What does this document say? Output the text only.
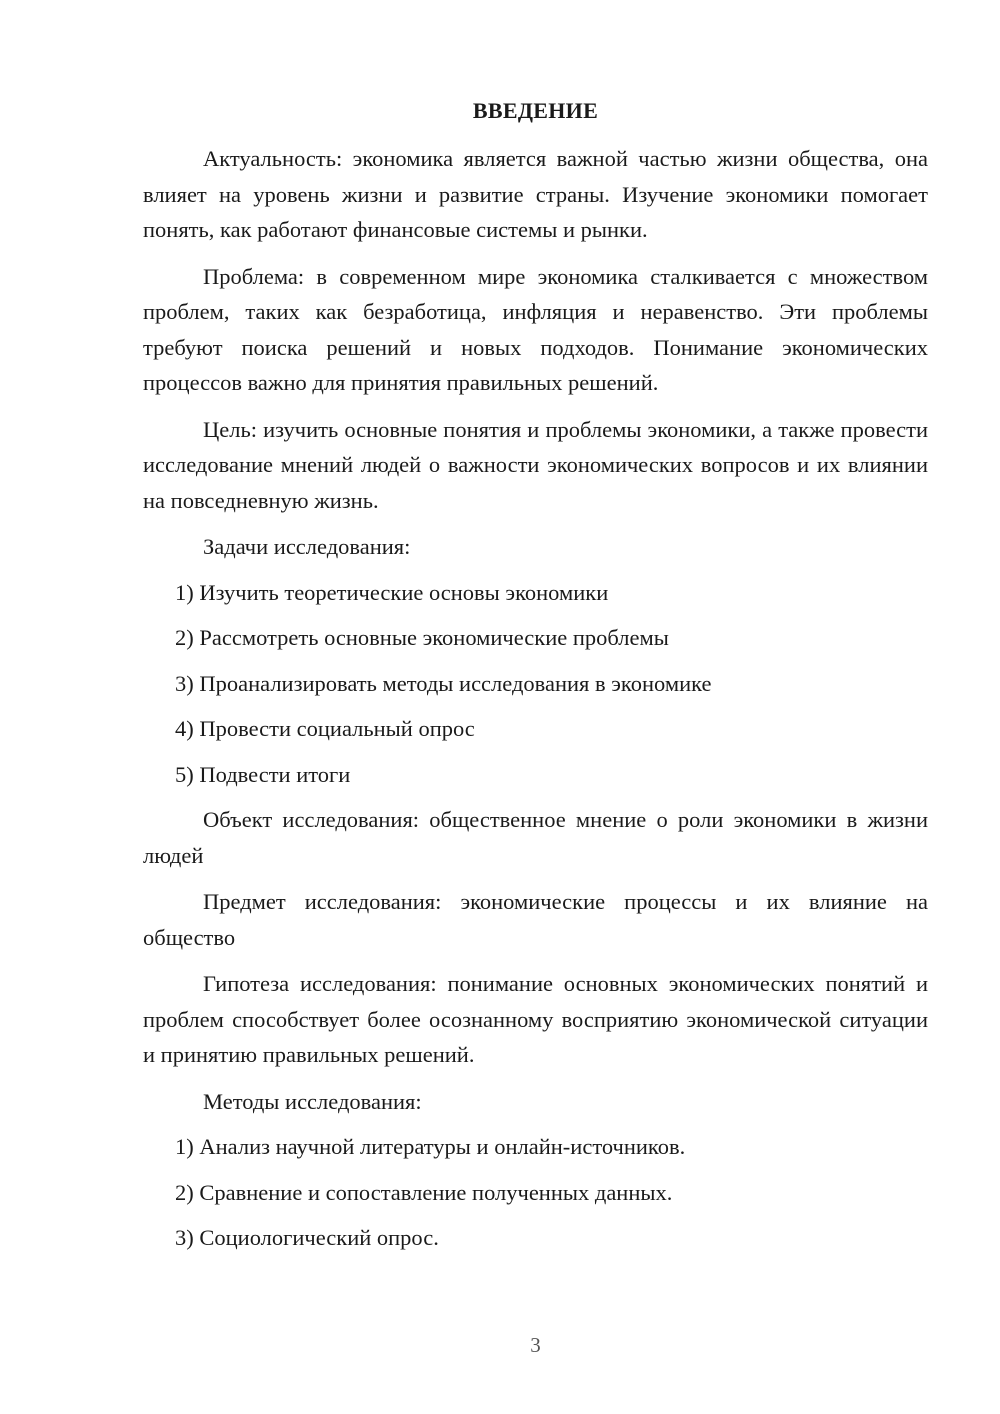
ВВЕДЕНИЕ

Актуальность: экономика является важной частью жизни общества, она влияет на уровень жизни и развитие страны. Изучение экономики помогает понять, как работают финансовые системы и рынки.

Проблема: в современном мире экономика сталкивается с множеством проблем, таких как безработица, инфляция и неравенство. Эти проблемы требуют поиска решений и новых подходов. Понимание экономических процессов важно для принятия правильных решений.

Цель: изучить основные понятия и проблемы экономики, а также провести исследование мнений людей о важности экономических вопросов и их влиянии на повседневную жизнь.

Задачи исследования:

1) Изучить теоретические основы экономики
2) Рассмотреть основные экономические проблемы
3) Проанализировать методы исследования в экономике
4) Провести социальный опрос
5) Подвести итоги

Объект исследования: общественное мнение о роли экономики в жизни людей

Предмет исследования: экономические процессы и их влияние на общество

Гипотеза исследования: понимание основных экономических понятий и проблем способствует более осознанному восприятию экономической ситуации и принятию правильных решений.

Методы исследования:

1) Анализ научной литературы и онлайн-источников.
2) Сравнение и сопоставление полученных данных.
3) Социологический опрос.
3
